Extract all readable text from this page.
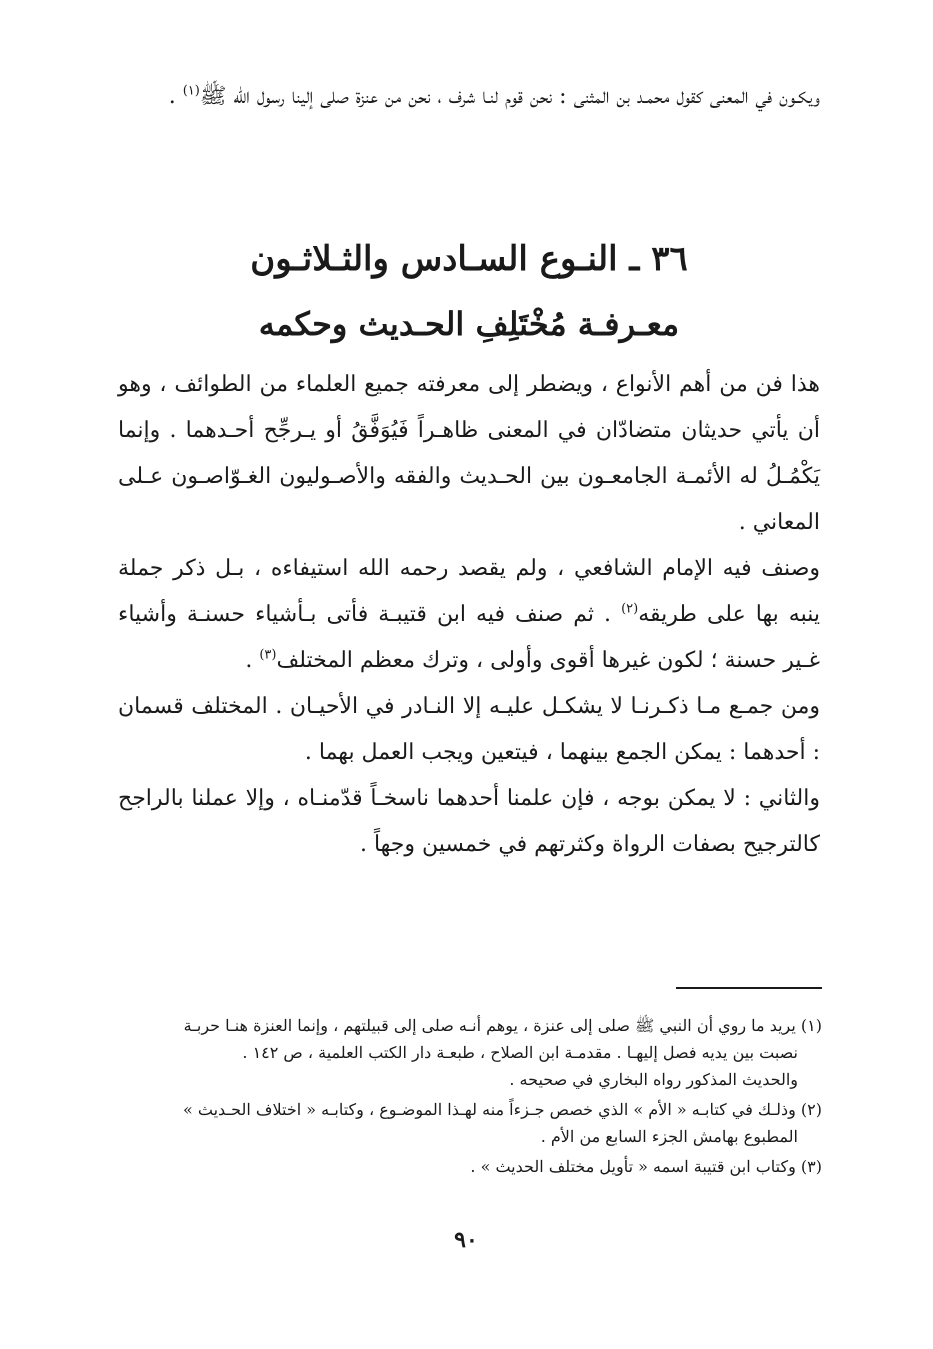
ويكـون في المعنى كقول محمـد بن المثنى : نحن قوم لنـا شرف ، نحن من عنزة صلى إلينا رسول الله ﷺ$^{(١)}$ .

٣٦ ـ النـوع السـادس والثـلاثـون
معـرفـة مُخْتَلِفِ الحـديث وحكمه

هذا فن من أهم الأنواع ، ويضطر إلى معرفته جميع العلماء من الطوائف ، وهو أن يأتي حديثان متضادّان في المعنى ظاهـراً فَيُوَفَّقُ أو يـرجِّح أحـدهما . وإنما يَكْمُـلُ له الأئمـة الجامعـون بين الحـديث والفقه والأصـوليون الغـوّاصـون عـلى المعاني .

وصنف فيه الإمام الشافعي ، ولم يقصد رحمه الله استيفاءه ، بـل ذكر جملة ينبه بها على طريقه$^{(٢)}$ . ثم صنف فيه ابن قتيبـة فأتى بـأشياء حسنـة وأشياء غـير حسنة ؛ لكون غيرها أقوى وأولى ، وترك معظم المختلف$^{(٣)}$ .

ومن جمـع مـا ذكـرنـا لا يشكـل عليـه إلا النـادر في الأحيـان . المختلف قسمان : أحدهما : يمكن الجمع بينهما ، فيتعين ويجب العمل بهما .

والثاني : لا يمكن بوجه ، فإن علمنا أحدهما ناسخـاً قدّمنـاه ، وإلا عملنا بالراجح كالترجيح بصفات الرواة وكثرتهم في خمسين وجهاً .

(١) يريد ما روي أن النبي ﷺ صلى إلى عنزة ، يوهم أنـه صلى إلى قبيلتهم ، وإنما العنزة هنـا حربـة
نصبت بين يديه فصل إليهـا . مقدمـة ابن الصلاح ، طبعـة دار الكتب العلمية ، ص ١٤٢ .
والحديث المذكور رواه البخاري في صحيحه .
(٢) وذلـك في كتابـه « الأم » الذي خصص جـزءاً منه لهـذا الموضـوع ، وكتابـه « اختلاف الحـديث »
المطبوع بهامش الجزء السابع من الأم .
(٣) وكتاب ابن قتيبة اسمه « تأويل مختلف الحديث » .
٩٠
